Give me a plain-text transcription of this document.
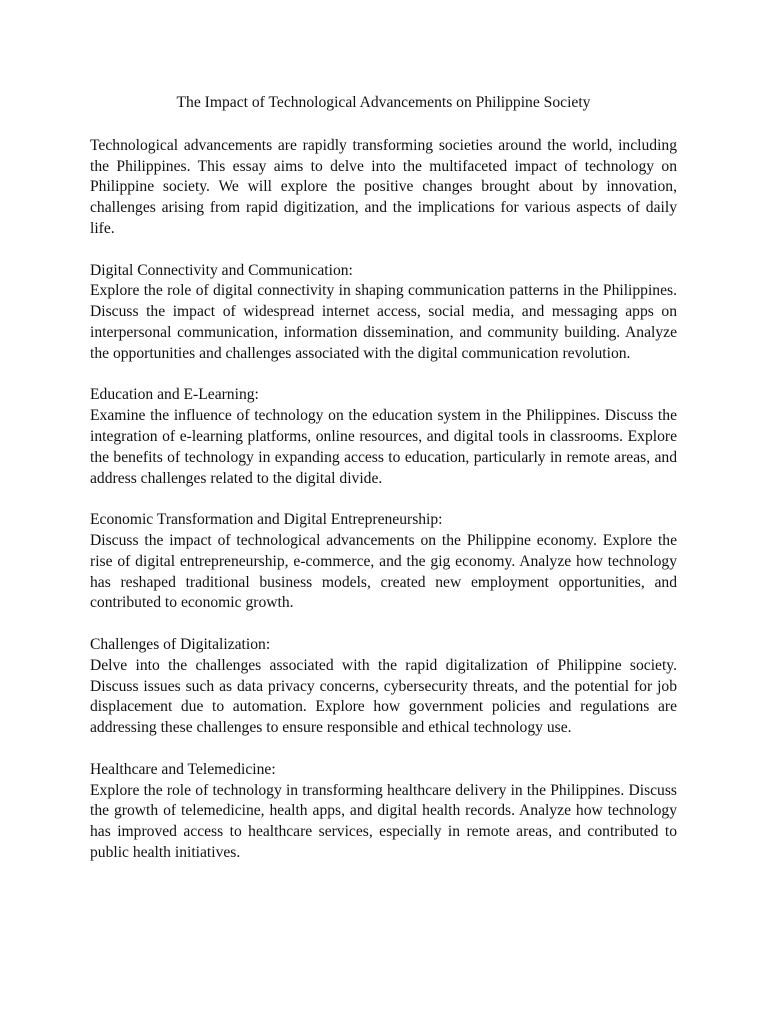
The Impact of Technological Advancements on Philippine Society

Technological advancements are rapidly transforming societies around the world, including the Philippines. This essay aims to delve into the multifaceted impact of technology on Philippine society. We will explore the positive changes brought about by innovation, challenges arising from rapid digitization, and the implications for various aspects of daily life.

Digital Connectivity and Communication:

Explore the role of digital connectivity in shaping communication patterns in the Philippines. Discuss the impact of widespread internet access, social media, and messaging apps on interpersonal communication, information dissemination, and community building. Analyze the opportunities and challenges associated with the digital communication revolution.

Education and E-Learning:

Examine the influence of technology on the education system in the Philippines. Discuss the integration of e-learning platforms, online resources, and digital tools in classrooms. Explore the benefits of technology in expanding access to education, particularly in remote areas, and address challenges related to the digital divide.

Economic Transformation and Digital Entrepreneurship:

Discuss the impact of technological advancements on the Philippine economy. Explore the rise of digital entrepreneurship, e-commerce, and the gig economy. Analyze how technology has reshaped traditional business models, created new employment opportunities, and contributed to economic growth.

Challenges of Digitalization:

Delve into the challenges associated with the rapid digitalization of Philippine society. Discuss issues such as data privacy concerns, cybersecurity threats, and the potential for job displacement due to automation. Explore how government policies and regulations are addressing these challenges to ensure responsible and ethical technology use.

Healthcare and Telemedicine:

Explore the role of technology in transforming healthcare delivery in the Philippines. Discuss the growth of telemedicine, health apps, and digital health records. Analyze how technology has improved access to healthcare services, especially in remote areas, and contributed to public health initiatives.
